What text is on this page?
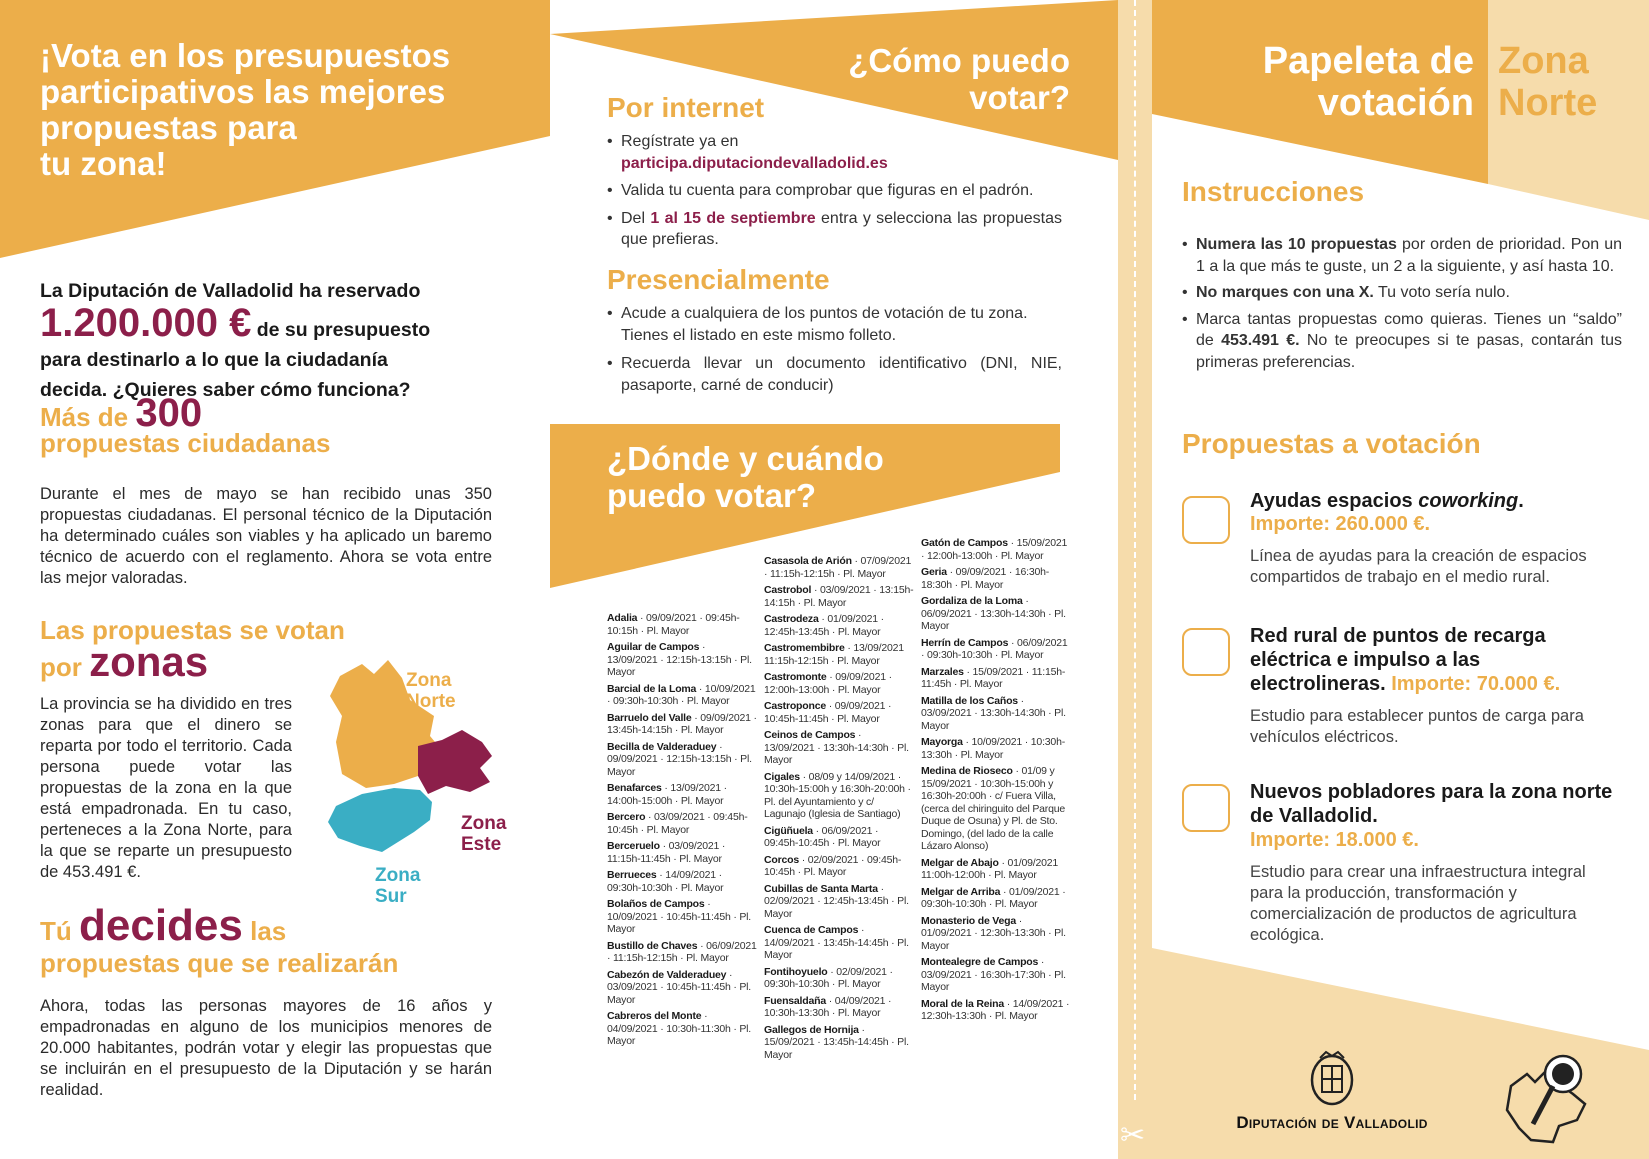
¡Vota en los presupuestos
participativos las mejores
propuestas para
tu zona!
La Diputación de Valladolid ha reservado
1.200.000 € de su presupuesto
para destinarlo a lo que la ciudadanía
decida. ¿Quieres saber cómo funciona?
Más de 300
propuestas ciudadanas

Durante el mes de mayo se han recibido unas 350 propuestas ciudadanas. El personal técnico de la Diputación ha determinado cuáles son viables y ha aplicado un baremo técnico de acuerdo con el reglamento. Ahora se vota entre las mejor valoradas.

Las propuestas se votan
por zonas

La provincia se ha dividido en tres zonas para que el dinero se reparta por todo el territorio. Cada persona puede votar las propuestas de la zona en la que está empadronada. En tu caso, perteneces a la Zona Norte, para la que se reparte un presupuesto de 453.491 €.

Zona
Norte
Zona
Este
Zona
Sur
Tú decides las
propuestas que se realizarán

Ahora, todas las personas mayores de 16 años y empadronadas en alguno de los municipios menores de 20.000 habitantes, podrán votar y elegir las propuestas que se incluirán en el presupuesto de la Diputación y se harán realidad.

¿Cómo puedo
votar?
Por internet
• Regístrate ya en
participa.diputaciondevalladolid.es
• Valida tu cuenta para comprobar que figuras en el padrón.
• Del 1 al 15 de septiembre entra y selecciona las propuestas que prefieras.
Presencialmente
• Acude a cualquiera de los puntos de votación de tu zona. Tienes el listado en este mismo folleto.
• Recuerda llevar un documento identificativo (DNI, NIE, pasaporte, carné de conducir)
¿Dónde y cuándo
puedo votar?
Adalia · 09/09/2021 · 09:45h-10:15h · Pl. Mayor
Aguilar de Campos · 13/09/2021 · 12:15h-13:15h · Pl. Mayor
Barcial de la Loma · 10/09/2021 · 09:30h-10:30h · Pl. Mayor
Barruelo del Valle · 09/09/2021 · 13:45h-14:15h · Pl. Mayor
Becilla de Valderaduey · 09/09/2021 · 12:15h-13:15h · Pl. Mayor
Benafarces · 13/09/2021 · 14:00h-15:00h · Pl. Mayor
Bercero · 03/09/2021 · 09:45h-10:45h · Pl. Mayor
Berceruelo · 03/09/2021 · 11:15h-11:45h · Pl. Mayor
Berrueces · 14/09/2021 · 09:30h-10:30h · Pl. Mayor
Bolaños de Campos · 10/09/2021 · 10:45h-11:45h · Pl. Mayor
Bustillo de Chaves · 06/09/2021 · 11:15h-12:15h · Pl. Mayor
Cabezón de Valderaduey · 03/09/2021 · 10:45h-11:45h · Pl. Mayor
Cabreros del Monte · 04/09/2021 · 10:30h-11:30h · Pl. Mayor
Casasola de Arión · 07/09/2021 · 11:15h-12:15h · Pl. Mayor
Castrobol · 03/09/2021 · 13:15h-14:15h · Pl. Mayor
Castrodeza · 01/09/2021 · 12:45h-13:45h · Pl. Mayor
Castromembibre · 13/09/2021 11:15h-12:15h · Pl. Mayor
Castromonte · 09/09/2021 · 12:00h-13:00h · Pl. Mayor
Castroponce · 09/09/2021 · 10:45h-11:45h · Pl. Mayor
Ceinos de Campos · 13/09/2021 · 13:30h-14:30h · Pl. Mayor
Cigales · 08/09 y 14/09/2021 · 10:30h-15:00h y 16:30h-20:00h · Pl. del Ayuntamiento y c/ Lagunajo (Iglesia de Santiago)
Cigüñuela · 06/09/2021 · 09:45h-10:45h · Pl. Mayor
Corcos · 02/09/2021 · 09:45h-10:45h · Pl. Mayor
Cubillas de Santa Marta · 02/09/2021 · 12:45h-13:45h · Pl. Mayor
Cuenca de Campos · 14/09/2021 · 13:45h-14:45h · Pl. Mayor
Fontihoyuelo · 02/09/2021 · 09:30h-10:30h · Pl. Mayor
Fuensaldaña · 04/09/2021 · 10:30h-13:30h · Pl. Mayor
Gallegos de Hornija · 15/09/2021 · 13:45h-14:45h · Pl. Mayor
Gatón de Campos · 15/09/2021 · 12:00h-13:00h · Pl. Mayor
Geria · 09/09/2021 · 16:30h-18:30h · Pl. Mayor
Gordaliza de la Loma · 06/09/2021 · 13:30h-14:30h · Pl. Mayor
Herrín de Campos · 06/09/2021 · 09:30h-10:30h · Pl. Mayor
Marzales · 15/09/2021 · 11:15h-11:45h · Pl. Mayor
Matilla de los Caños · 03/09/2021 · 13:30h-14:30h · Pl. Mayor
Mayorga · 10/09/2021 · 10:30h-13:30h · Pl. Mayor
Medina de Rioseco · 01/09 y 15/09/2021 · 10:30h-15:00h y 16:30h-20:00h · c/ Fuera Villa, (cerca del chiringuito del Parque Duque de Osuna) y Pl. de Sto. Domingo, (del lado de la calle Lázaro Alonso)
Melgar de Abajo · 01/09/2021 11:00h-12:00h · Pl. Mayor
Melgar de Arriba · 01/09/2021 · 09:30h-10:30h · Pl. Mayor
Monasterio de Vega · 01/09/2021 · 12:30h-13:30h · Pl. Mayor
Montealegre de Campos · 03/09/2021 · 16:30h-17:30h · Pl. Mayor
Moral de la Reina · 14/09/2021 · 12:30h-13:30h · Pl. Mayor
✂
Papeleta de
votación
Zona
Norte
Instrucciones
• Numera las 10 propuestas por orden de prioridad. Pon un 1 a la que más te guste, un 2 a la siguiente, y así hasta 10.
• No marques con una X. Tu voto sería nulo.
• Marca tantas propuestas como quieras. Tienes un “saldo” de 453.491 €. No te preocupes si te pasas, contarán tus primeras preferencias.
Propuestas a votación
Ayudas espacios coworking.
Importe: 260.000 €.

Línea de ayudas para la creación de espacios compartidos de trabajo en el medio rural.

Red rural de puntos de recarga eléctrica e impulso a las electrolineras. Importe: 70.000 €.

Estudio para establecer puntos de carga para vehículos eléctricos.

Nuevos pobladores para la zona norte de Valladolid.
Importe: 18.000 €.

Estudio para crear una infraestructura integral para la producción, transformación y comercialización de productos de agricultura ecológica.

Diputación de Valladolid
